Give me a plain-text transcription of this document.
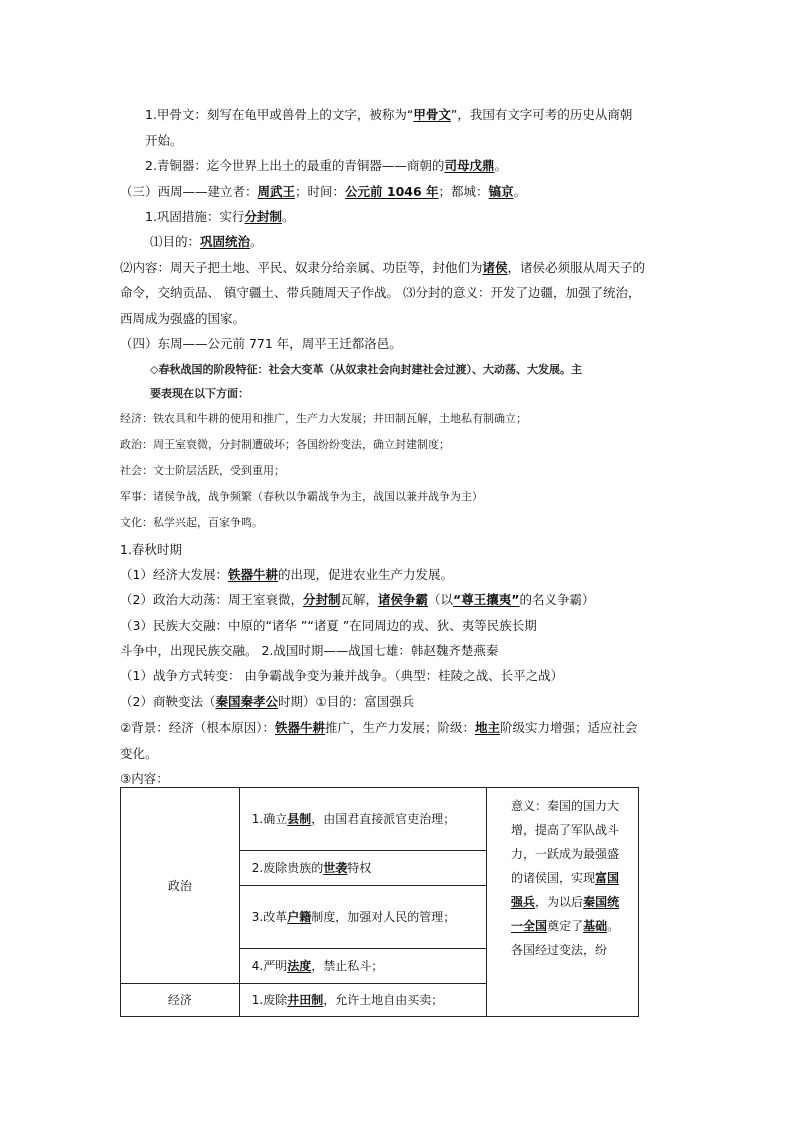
1.甲骨文：刻写在龟甲或兽骨上的文字，被称为“甲骨文”，我国有文字可考的历史从商朝
开始。
2.青铜器：迄今世界上出土的最重的青铜器——商朝的司母戊鼎。
（三）西周——建立者：周武王；时间：公元前 1046 年；都城：镐京。
1.巩固措施：实行分封制。
⑴目的：巩固统治。
⑵内容：周天子把土地、平民、奴隶分给亲属、功臣等，封他们为诸侯，诸侯必须服从周天子的
命令，交纳贡品、 镇守疆土、带兵随周天子作战。 ⑶分封的意义：开发了边疆，加强了统治，
西周成为强盛的国家。
（四）东周——公元前 771 年，周平王迁都洛邑。
◇春秋战国的阶段特征：社会大变革（从奴隶社会向封建社会过渡）、大动荡、大发展。主
要表现在以下方面：
经济：铁农具和牛耕的使用和推广，生产力大发展；井田制瓦解，土地私有制确立；
政治：周王室衰微，分封制遭破坏；各国纷纷变法，确立封建制度；
社会：文士阶层活跃，受到重用；
军事：诸侯争战，战争频繁（春秋以争霸战争为主，战国以兼并战争为主）
文化：私学兴起，百家争鸣。
1.春秋时期
（1）经济大发展：铁器牛耕的出现，促进农业生产力发展。
（2）政治大动荡：周王室衰微，分封制瓦解，诸侯争霸（以“尊王攘夷”的名义争霸）
（3）民族大交融：中原的“诸华 ”“诸夏 ”在同周边的戎、狄、夷等民族长期
斗争中，出现民族交融。 2.战国时期——战国七雄：韩赵魏齐楚燕秦
（1）战争方式转变： 由争霸战争变为兼并战争。（典型：桂陵之战、长平之战）
（2）商鞅变法（秦国秦孝公时期）①目的：富国强兵
②背景：经济（根本原因）：铁器牛耕推广，生产力发展；阶级：地主阶级实力增强；适应社会
变化。
③内容：
政治	1.确立县制，由国君直接派官吏治理；	意义：秦国的国力大增，提高了军队战斗力，一跃成为最强盛的诸侯国，实现富国　强兵，为以后秦国统一全国奠定了基础。各国经过变法，纷
	2.废除贵族的世袭特权	
	3.改革户籍制度，加强对人民的管理；	
	4.严明法度，禁止私斗；	
经济	1.废除井田制，允许土地自由买卖；	
